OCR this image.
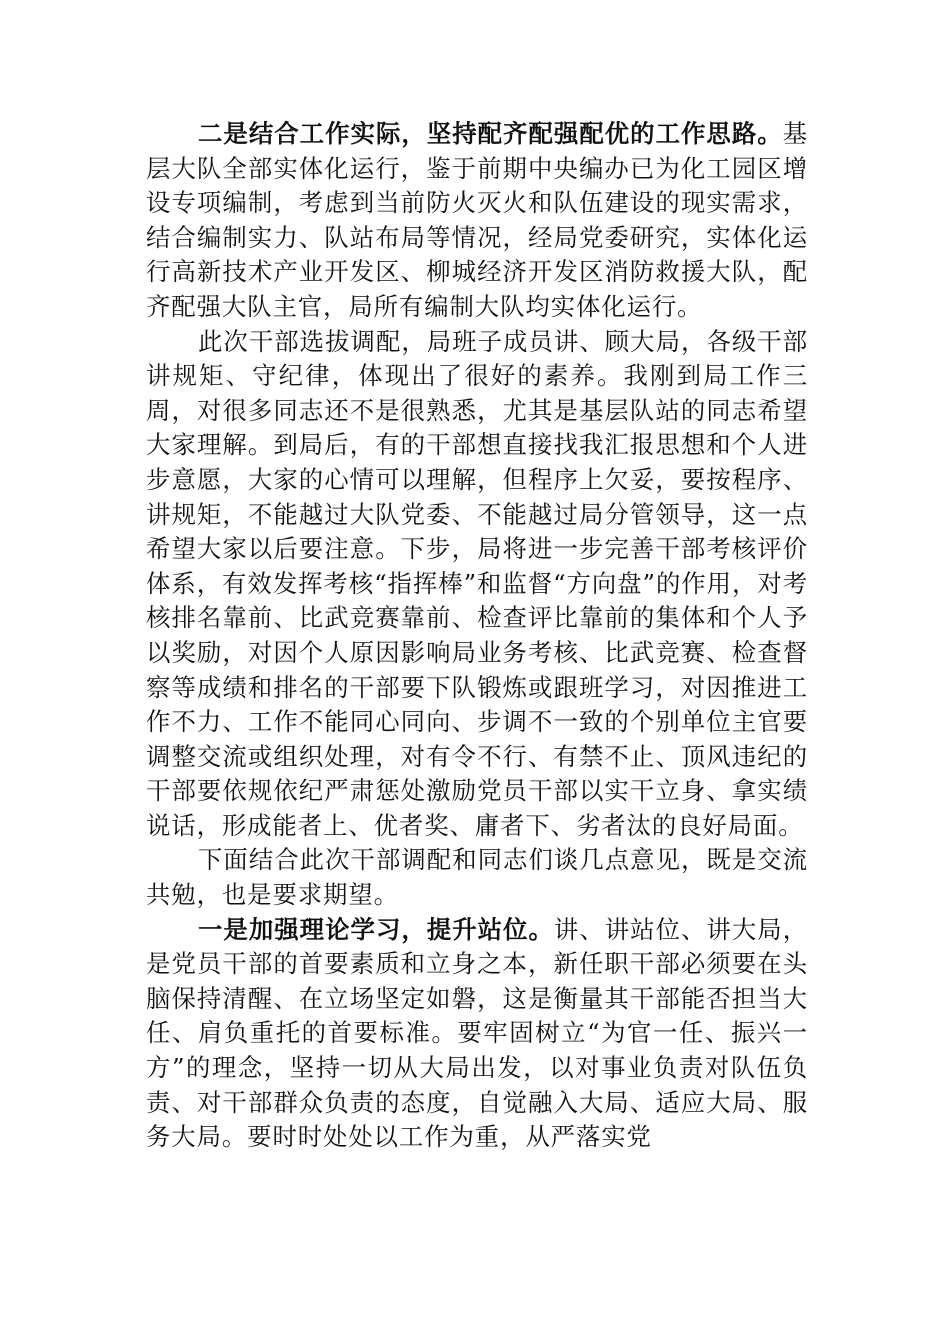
二是结合工作实际，坚持配齐配强配优的工作思路。基层大队全部实体化运行，鉴于前期中央编办已为化工园区增设专项编制，考虑到当前防火灭火和队伍建设的现实需求，结合编制实力、队站布局等情况，经局党委研究，实体化运行高新技术产业开发区、柳城经济开发区消防救援大队，配齐配强大队主官，局所有编制大队均实体化运行。

此次干部选拔调配，局班子成员讲、顾大局，各级干部讲规矩、守纪律，体现出了很好的素养。我刚到局工作三周，对很多同志还不是很熟悉，尤其是基层队站的同志希望大家理解。到局后，有的干部想直接找我汇报思想和个人进步意愿，大家的心情可以理解，但程序上欠妥，要按程序、讲规矩，不能越过大队党委、不能越过局分管领导，这一点希望大家以后要注意。下步，局将进一步完善干部考核评价体系，有效发挥考核“指挥棒”和监督“方向盘”的作用，对考核排名靠前、比武竞赛靠前、检查评比靠前的集体和个人予以奖励，对因个人原因影响局业务考核、比武竞赛、检查督察等成绩和排名的干部要下队锻炼或跟班学习，对因推进工作不力、工作不能同心同向、步调不一致的个别单位主官要调整交流或组织处理，对有令不行、有禁不止、顶风违纪的干部要依规依纪严肃惩处激励党员干部以实干立身、拿实绩说话，形成能者上、优者奖、庸者下、劣者汰的良好局面。

下面结合此次干部调配和同志们谈几点意见，既是交流共勉，也是要求期望。

一是加强理论学习，提升站位。讲、讲站位、讲大局，是党员干部的首要素质和立身之本，新任职干部必须要在头脑保持清醒、在立场坚定如磐，这是衡量其干部能否担当大任、肩负重托的首要标准。要牢固树立“为官一任、振兴一方”的理念，坚持一切从大局出发，以对事业负责对队伍负责、对干部群众负责的态度，自觉融入大局、适应大局、服务大局。要时时处处以工作为重，从严落实党
